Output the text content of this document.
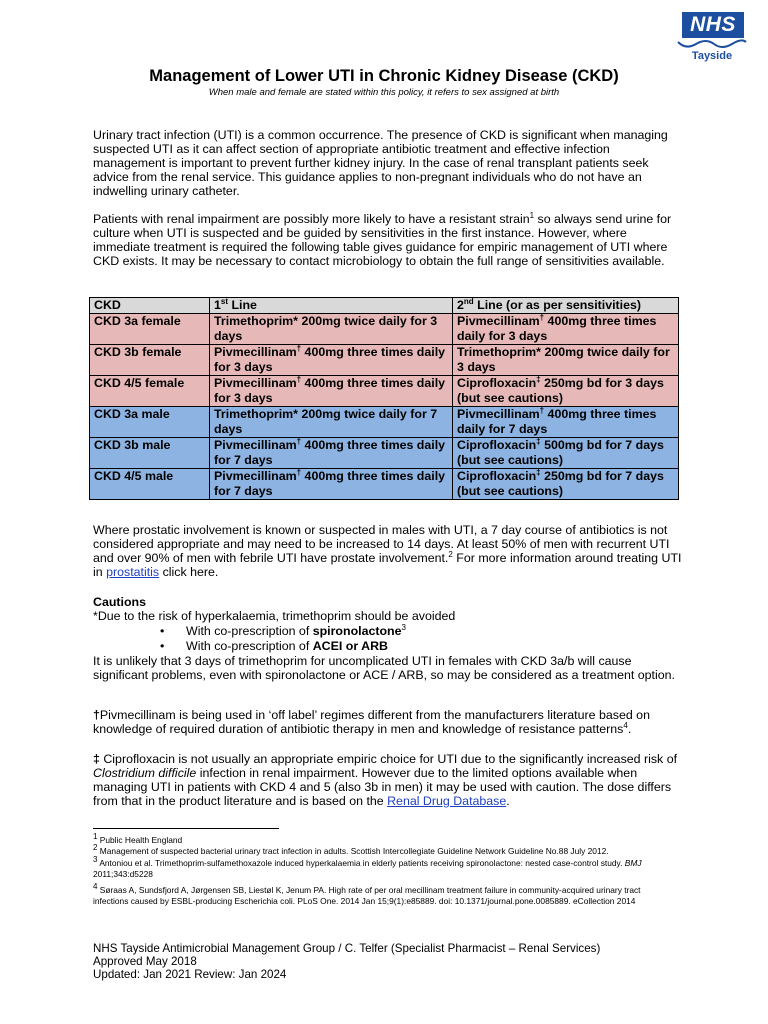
NHS
Tayside
Management of Lower UTI in Chronic Kidney Disease (CKD)
When male and female are stated within this policy, it refers to sex assigned at birth

Urinary tract infection (UTI) is a common occurrence. The presence of CKD is significant when managing suspected UTI as it can affect section of appropriate antibiotic treatment and effective infection management is important to prevent further kidney injury. In the case of renal transplant patients seek advice from the renal service. This guidance applies to non-pregnant individuals who do not have an indwelling urinary catheter.

Patients with renal impairment are possibly more likely to have a resistant strain$^1$ so always send urine for culture when UTI is suspected and be guided by sensitivities in the first instance. However, where immediate treatment is required the following table gives guidance for empiric management of UTI where CKD exists. It may be necessary to contact microbiology to obtain the full range of sensitivities available.

CKD	1st Line	2nd Line (or as per sensitivities)
CKD 3a female	Trimethoprim* 200mg twice daily for 3 days	Pivmecillinam† 400mg three times daily for 3 days
CKD 3b female	Pivmecillinam† 400mg three times daily for 3 days	Trimethoprim* 200mg twice daily for 3 days
CKD 4/5 female	Pivmecillinam† 400mg three times daily for 3 days	Ciprofloxacin‡ 250mg bd for 3 days (but see cautions)
CKD 3a male	Trimethoprim* 200mg twice daily for 7 days	Pivmecillinam† 400mg three times daily for 7 days
CKD 3b male	Pivmecillinam† 400mg three times daily for 7 days	Ciprofloxacin‡ 500mg bd for 7 days (but see cautions)
CKD 4/5 male	Pivmecillinam† 400mg three times daily for 7 days	Ciprofloxacin‡ 250mg bd for 7 days (but see cautions)

Where prostatic involvement is known or suspected in males with UTI, a 7 day course of antibiotics is not considered appropriate and may need to be increased to 14 days. At least 50% of men with recurrent UTI and over 90% of men with febrile UTI have prostate involvement.$^2$ For more information around treating UTI in prostatitis click here.

Cautions

*Due to the risk of hyperkalaemia, trimethoprim should be avoided

•	With co-prescription of spironolactone$^3$
•	With co-prescription of ACEI or ARB

It is unlikely that 3 days of trimethoprim for uncomplicated UTI in females with CKD 3a/b will cause significant problems, even with spironolactone or ACE / ARB, so may be considered as a treatment option.

†Pivmecillinam is being used in ‘off label’ regimes different from the manufacturers literature based on knowledge of required duration of antibiotic therapy in men and knowledge of resistance patterns$^4$.

‡ Ciprofloxacin is not usually an appropriate empiric choice for UTI due to the significantly increased risk of Clostridium difficile infection in renal impairment. However due to the limited options available when managing UTI in patients with CKD 4 and 5 (also 3b in men) it may be used with caution. The dose differs from that in the product literature and is based on the Renal Drug Database.

$^1$ Public Health England

$^2$ Management of suspected bacterial urinary tract infection in adults. Scottish Intercollegiate Guideline Network Guideline No.88 July 2012.

$^3$ Antoniou et al. Trimethoprim-sulfamethoxazole induced hyperkalaemia in elderly patients receiving spironolactone: nested case-control study. BMJ 2011;343:d5228

$^4$ Søraas A, Sundsfjord A, Jørgensen SB, Liestøl K, Jenum PA. High rate of per oral mecillinam treatment failure in community-acquired urinary tract infections caused by ESBL-producing Escherichia coli. PLoS One. 2014 Jan 15;9(1):e85889. doi: 10.1371/journal.pone.0085889. eCollection 2014

NHS Tayside Antimicrobial Management Group / C. Telfer (Specialist Pharmacist – Renal Services)
Approved May 2018
Updated: Jan 2021 Review: Jan 2024
